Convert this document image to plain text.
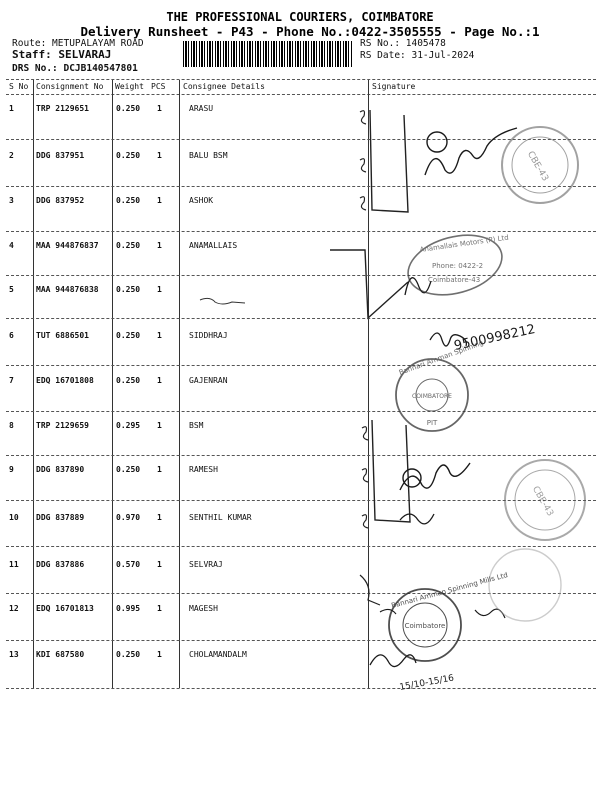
THE PROFESSIONAL COURIERS, COIMBATORE
Delivery Runsheet - P43 - Phone No.:0422-3505555 - Page No.:1
Route: METUPALAYAM ROAD
Staff: SELVARAJ
DRS No.: DCJB140547801
RS No.: 1405478
RS Date: 31-Jul-2024
S No Consignment No Weight PCS Consignee Details	Signature
1	TRP 2129651	0.250 1	ARASU
2	DDG 837951	0.250 1	BALU BSM
3	DDG 837952	0.250 1	ASHOK
4	MAA 944876837 0.250 1	ANAMALLAIS
5	MAA 944876838 0.250 1
6	TUT 6886501	0.250 1	SIDDHRAJ
7	EDQ 16701808	0.250 1	GAJENRAN
8	TRP 2129659	0.295 1	BSM
9	DDG 837890	0.250 1	RAMESH
10 DDG 837889	0.970 1	SENTHIL KUMAR
11 DDG 837886	0.570 1	SELVRAJ
12 EDQ 16701813	0.995 1	MAGESH
13 KDI 687580	0.250 1	CHOLAMANDALM
9500998212
15/10-15/16
CBE-43
Anamallais Motors (P) Ltd
Phone: 0422-2
Coimbatore-43
Bannari Amman Spinning
COIMBATORE
PIT
CBE-43
Bannari Amman Spinning Mills Ltd
Coimbatore
